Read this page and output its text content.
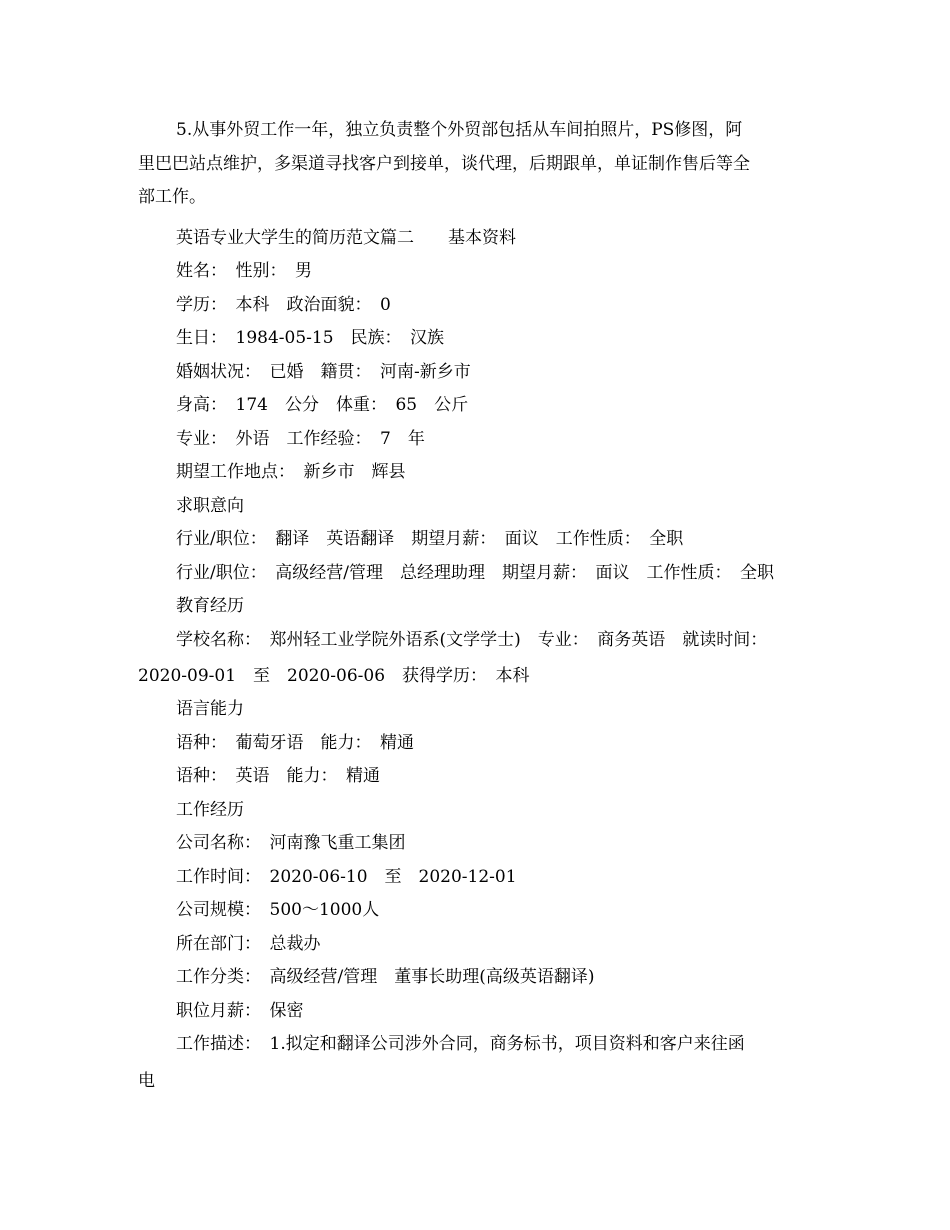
5.从事外贸工作一年，独立负责整个外贸部包括从车间拍照片，PS修图，阿
里巴巴站点维护，多渠道寻找客户到接单，谈代理，后期跟单，单证制作售后等全
部工作。
英语专业大学生的简历范文篇二　　基本资料
姓名：　性别：　男
学历：　本科　政治面貌：　0
生日：　1984-05-15　民族：　汉族
婚姻状况：　已婚　籍贯：　河南-新乡市
身高：　174　公分　体重：　65　公斤
专业：　外语　工作经验：　7　年
期望工作地点：　新乡市　辉县
求职意向
行业/职位：　翻译　英语翻译　期望月薪：　面议　工作性质：　全职
行业/职位：　高级经营/管理　总经理助理　期望月薪：　面议　工作性质：　全职
教育经历
学校名称：　郑州轻工业学院外语系(文学学士)　专业：　商务英语　就读时间：
2020-09-01　至　2020-06-06　获得学历：　本科
语言能力
语种：　葡萄牙语　能力：　精通
语种：　英语　能力：　精通
工作经历
公司名称：　河南豫飞重工集团
工作时间：　2020-06-10　至　2020-12-01
公司规模：　500～1000人
所在部门：　总裁办
工作分类：　高级经营/管理　董事长助理(高级英语翻译)
职位月薪：　保密
工作描述：　1.拟定和翻译公司涉外合同，商务标书，项目资料和客户来往函
电
